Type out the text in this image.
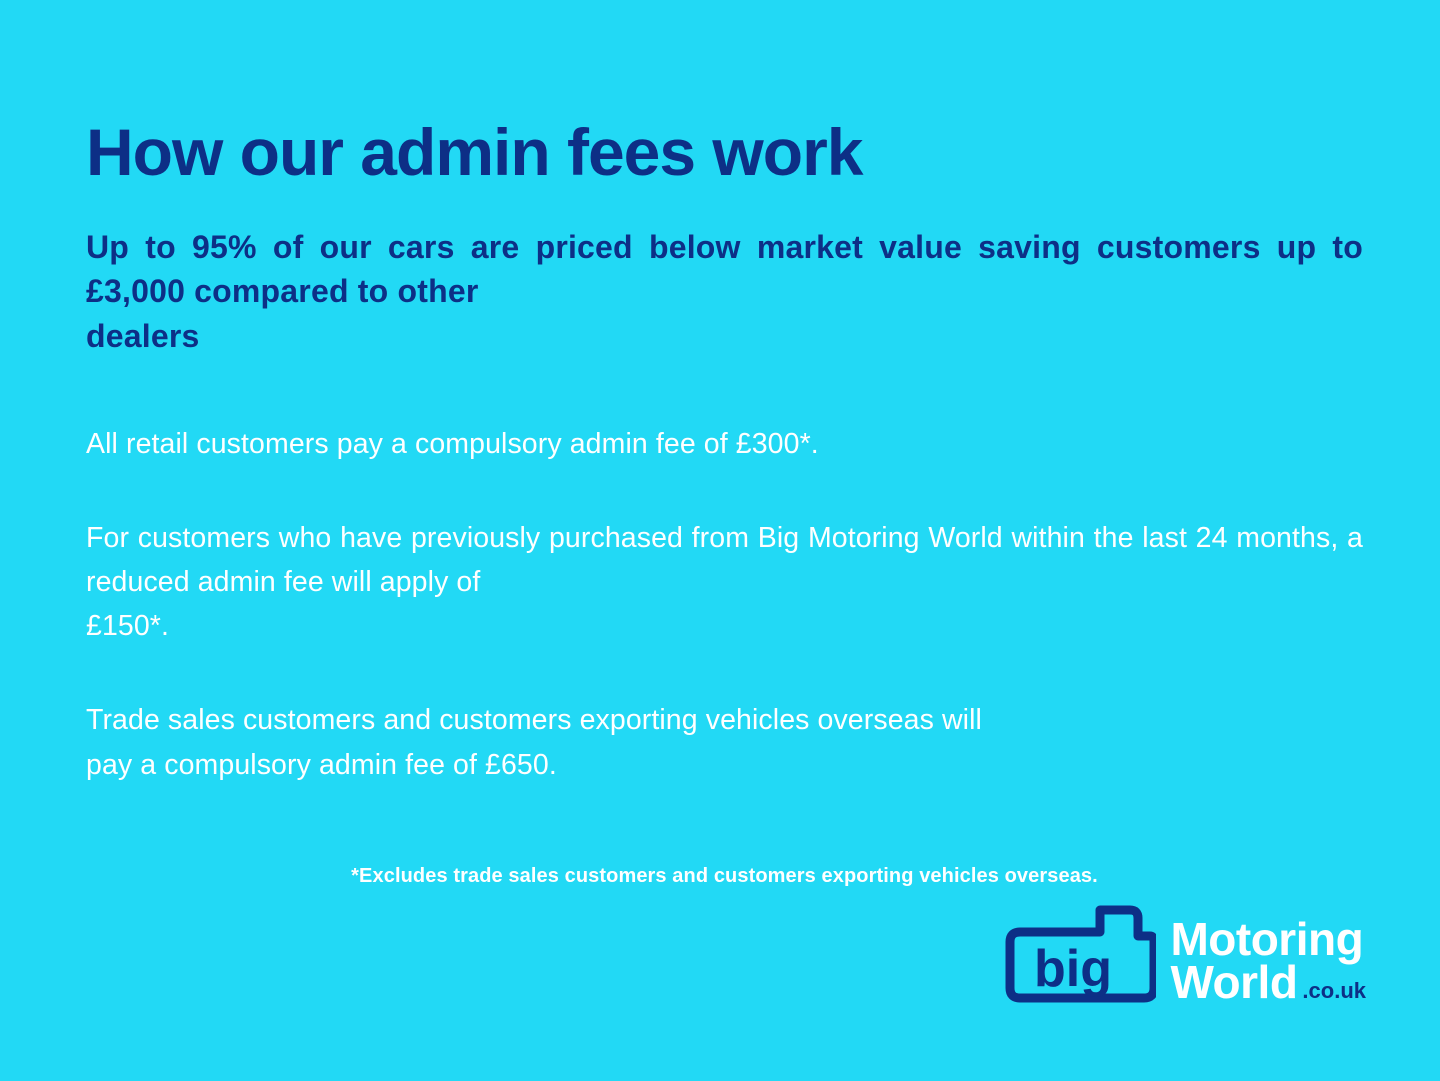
How our admin fees work
Up to 95% of our cars are priced below market value saving customers up to £3,000 compared to other
dealers

All retail customers pay a compulsory admin fee of £300*.

For customers who have previously purchased from Big Motoring World within the last 24 months, a reduced admin fee will apply of
£150*.

Trade sales customers and customers exporting vehicles overseas will
pay a compulsory admin fee of £650.

*Excludes trade sales customers and customers exporting vehicles overseas.
big
Motoring
World .co.uk
